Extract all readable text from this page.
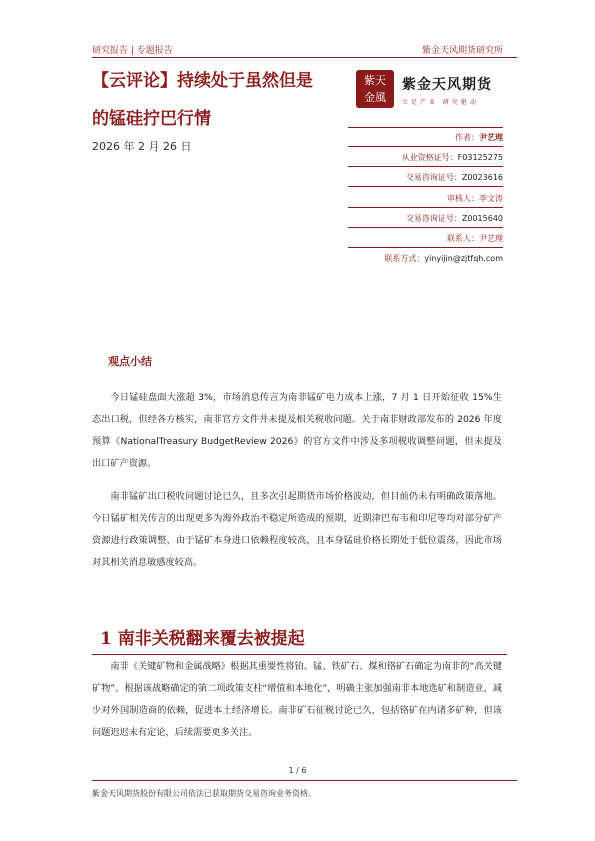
研究报告 | 专题报告	紫金天风期货研究所
【云评论】持续处于虽然但是
的锰硅拧巴行情
2026 年 2 月 26 日
紫天
金風
紫金天风期货
立足产业 研究驱动
作者：尹艺理
从业资格证号：F03125275
交易咨询证号：Z0023616
审核人：李文涛
交易咨询证号：Z0015640
联系人：尹艺理
联系方式：yinyijin@zjtfqh.com
观点小结
今日锰硅盘面大涨超 3%，市场消息传言为南非锰矿电力成本上涨，7 月 1 日开始征收 15%生态出口税，但经各方核实，南非官方文件并未提及相关税收问题。关于南非财政部发布的 2026 年度预算《NationalTreasury BudgetReview 2026》的官方文件中涉及多项税收调整问题，但未提及出口矿产资源。
南非锰矿出口税收问题讨论已久，且多次引起期货市场价格波动，但目前仍未有明确政策落地。今日锰矿相关传言的出现更多为海外政治不稳定所造成的预期，近期津巴布韦和印尼等均对部分矿产资源进行政策调整，由于锰矿本身进口依赖程度较高，且本身锰硅价格长期处于低位震荡，因此市场对其相关消息敏感度较高。
1 南非关税翻来覆去被提起
南非《关键矿物和金属战略》根据其重要性将铂、锰、铁矿石、煤和铬矿石确定为南非的“高关键矿物”。根据该战略确定的第二项政策支柱“增值和本地化”，明确主张加强南非本地选矿和制造业，减少对外国制造商的依赖，促进本土经济增长。南非矿石征税讨论已久，包括铬矿在内诸多矿种，但该问题迟迟未有定论，后续需要更多关注。
1 / 6
紫金天风期货股份有限公司依法已获取期货交易咨询业务资格。
